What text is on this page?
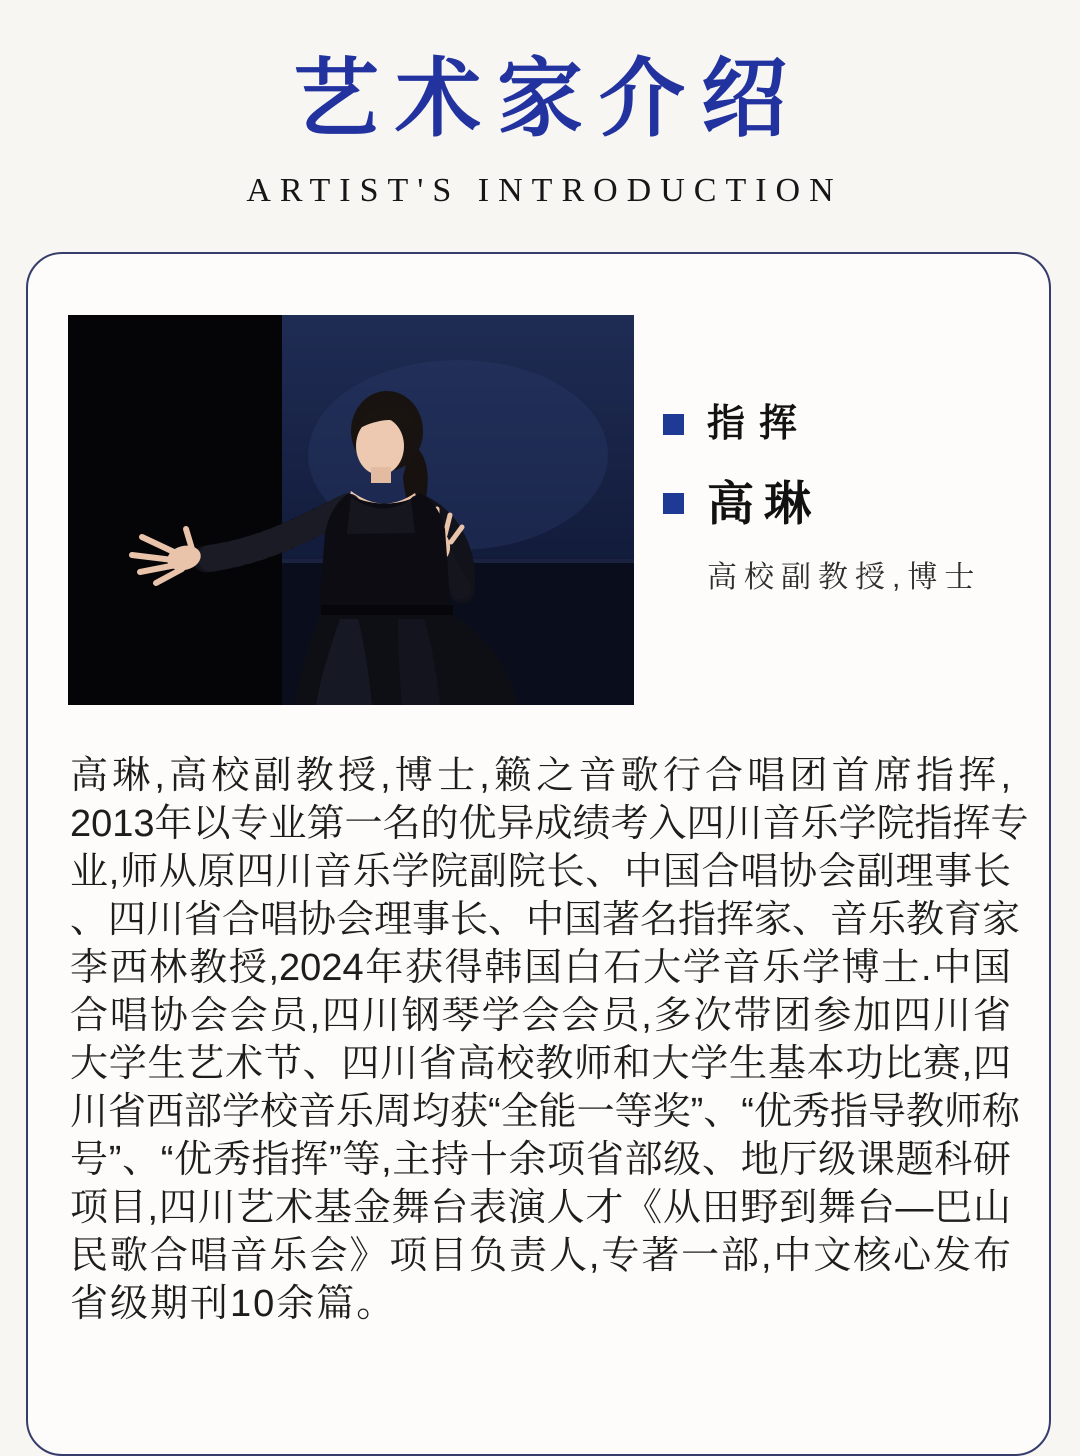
艺术家介绍
ARTIST'S INTRODUCTION
指挥
高琳
高校副教授,博士
高琳,高校副教授,博士,籁之音歌行合唱团首席指挥,
2013年以专业第一名的优异成绩考入四川音乐学院指挥专
业,师从原四川音乐学院副院长、中国合唱协会副理事长
、四川省合唱协会理事长、中国著名指挥家、音乐教育家
李西林教授,2024年获得韩国白石大学音乐学博士.中国
合唱协会会员,四川钢琴学会会员,多次带团参加四川省
大学生艺术节、四川省高校教师和大学生基本功比赛,四
川省西部学校音乐周均获“全能一等奖”、“优秀指导教师称
号”、“优秀指挥”等,主持十余项省部级、地厅级课题科研
项目,四川艺术基金舞台表演人才《从田野到舞台—巴山
民歌合唱音乐会》项目负责人,专著一部,中文核心发布
省级期刊10余篇。
